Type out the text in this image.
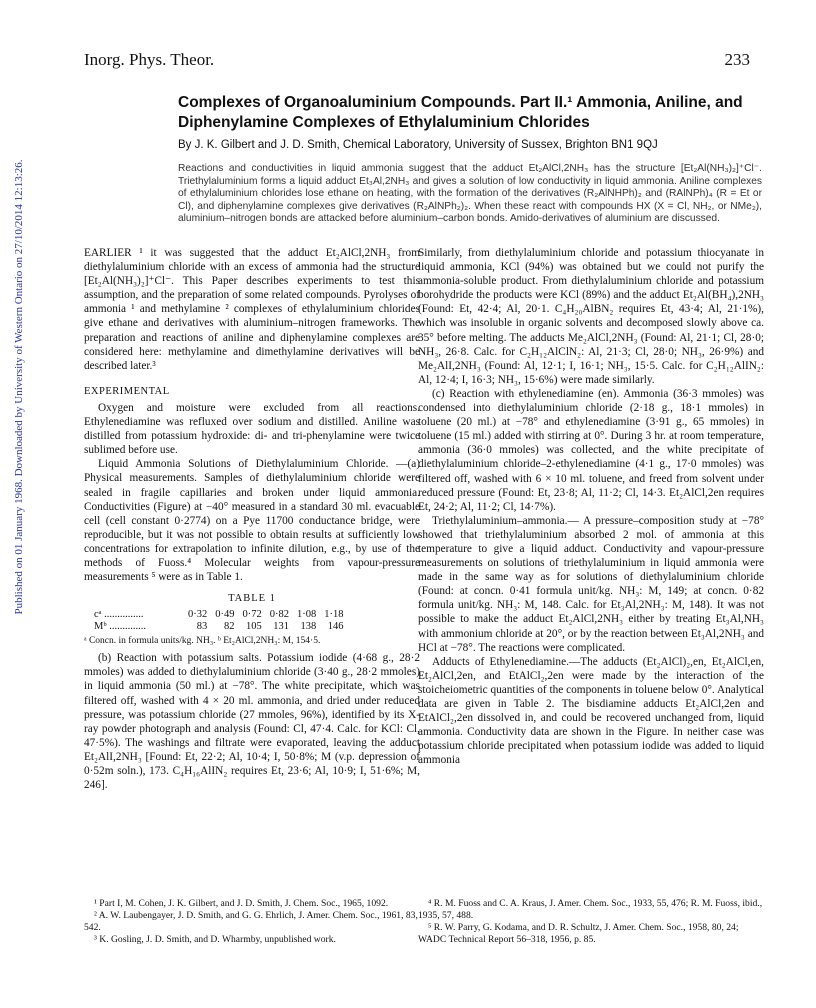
Published on 01 January 1968. Downloaded by University of Western Ontario on 27/10/2014 12:13:26.
Inorg. Phys. Theor.	233
Complexes of Organoaluminium Compounds. Part II.¹ Ammonia, Aniline, and Diphenylamine Complexes of Ethylaluminium Chlorides
By J. K. Gilbert and J. D. Smith, Chemical Laboratory, University of Sussex, Brighton BN1 9QJ
Reactions and conductivities in liquid ammonia suggest that the adduct Et₂AlCl,2NH₃ has the structure [Et₂Al(NH₃)₂]⁺Cl⁻. Triethylaluminium forms a liquid adduct Et₃Al,2NH₃ and gives a solution of low conductivity in liquid ammonia. Aniline complexes of ethylaluminium chlorides lose ethane on heating, with the formation of the derivatives (R₂AlNHPh)₂ and (RAlNPh)₄ (R = Et or Cl), and diphenylamine complexes give derivatives (R₂AlNPh₂)₂. When these react with compounds HX (X = Cl, NH₂, or NMe₂), aluminium–nitrogen bonds are attacked before aluminium–carbon bonds. Amido-derivatives of aluminium are discussed.

EARLIER ¹ it was suggested that the adduct Et₂AlCl,2NH₃ from diethylaluminium chloride with an excess of ammonia had the structure [Et₂Al(NH₃)₂]⁺Cl⁻. This Paper describes experiments to test this assumption, and the preparation of some related compounds. Pyrolyses of ammonia ¹ and methylamine ² complexes of ethylaluminium chlorides give ethane and derivatives with aluminium–nitrogen frameworks. The preparation and reactions of aniline and diphenylamine complexes are considered here: methylamine and dimethylamine derivatives will be described later.³

EXPERIMENTAL

Oxygen and moisture were excluded from all reactions. Ethylenediamine was refluxed over sodium and distilled. Aniline was distilled from potassium hydroxide: di- and tri-phenylamine were twice sublimed before use.

Liquid Ammonia Solutions of Diethylaluminium Chloride. —(a) Physical measurements. Samples of diethylaluminium chloride were sealed in fragile capillaries and broken under liquid ammonia. Conductivities (Figure) at −40° measured in a standard 30 ml. evacuable cell (cell constant 0·2774) on a Pye 11700 conductance bridge, were reproducible, but it was not possible to obtain results at sufficiently low concentrations for extrapolation to infinite dilution, e.g., by use of the methods of Fuoss.⁴ Molecular weights from vapour-pressure measurements ⁵ were as in Table 1.

TABLE 1
cᵃ ...............	0·32	0·49	0·72	0·82	1·08	1·18
Mᵇ ..............	83	82	105	131	138	146
ᵃ Concn. in formula units/kg. NH₃. ᵇ Et₂AlCl,2NH₃: M, 154·5.

(b) Reaction with potassium salts. Potassium iodide (4·68 g., 28·2 mmoles) was added to diethylaluminium chloride (3·40 g., 28·2 mmoles) in liquid ammonia (50 ml.) at −78°. The white precipitate, which was filtered off, washed with 4 × 20 ml. ammonia, and dried under reduced pressure, was potassium chloride (27 mmoles, 96%), identified by its X-ray powder photograph and analysis (Found: Cl, 47·4. Calc. for KCl: Cl, 47·5%). The washings and filtrate were evaporated, leaving the adduct Et₂AlI,2NH₃ [Found: Et, 22·2; Al, 10·4; I, 50·8%; M (v.p. depression of 0·52m soln.), 173. C₄H₁₆AlIN₂ requires Et, 23·6; Al, 10·9; I, 51·6%; M, 246].

Similarly, from diethylaluminium chloride and potassium thiocyanate in liquid ammonia, KCl (94%) was obtained but we could not purify the ammonia-soluble product. From diethylaluminium chloride and potassium borohydride the products were KCl (89%) and the adduct Et₂Al(BH₄),2NH₃ (Found: Et, 42·4; Al, 20·1. C₄H₂₀AlBN₂ requires Et, 43·4; Al, 21·1%), which was insoluble in organic solvents and decomposed slowly above ca. 35° before melting. The adducts Me₂AlCl,2NH₃ (Found: Al, 21·1; Cl, 28·0; NH₃, 26·8. Calc. for C₂H₁₂AlClN₂: Al, 21·3; Cl, 28·0; NH₃, 26·9%) and Me₂AlI,2NH₃ (Found: Al, 12·1; I, 16·1; NH₃, 15·5. Calc. for C₂H₁₂AlIN₂: Al, 12·4; I, 16·3; NH₃, 15·6%) were made similarly.

(c) Reaction with ethylenediamine (en). Ammonia (36·3 mmoles) was condensed into diethylaluminium chloride (2·18 g., 18·1 mmoles) in toluene (20 ml.) at −78° and ethylenediamine (3·91 g., 65 mmoles) in toluene (15 ml.) added with stirring at 0°. During 3 hr. at room temperature, ammonia (36·0 mmoles) was collected, and the white precipitate of diethylaluminium chloride–2-ethylenediamine (4·1 g., 17·0 mmoles) was filtered off, washed with 6 × 10 ml. toluene, and freed from solvent under reduced pressure (Found: Et, 23·8; Al, 11·2; Cl, 14·3. Et₂AlCl,2en requires Et, 24·2; Al, 11·2; Cl, 14·7%).

Triethylaluminium–ammonia.— A pressure–composition study at −78° showed that triethylaluminium absorbed 2 mol. of ammonia at this temperature to give a liquid adduct. Conductivity and vapour-pressure measurements on solutions of triethylaluminium in liquid ammonia were made in the same way as for solutions of diethylaluminium chloride (Found: at concn. 0·41 formula unit/kg. NH₃: M, 149; at concn. 0·82 formula unit/kg. NH₃: M, 148. Calc. for Et₃Al,2NH₃: M, 148). It was not possible to make the adduct Et₂AlCl,2NH₃ either by treating Et₃Al,NH₃ with ammonium chloride at 20°, or by the reaction between Et₃Al,2NH₃ and HCl at −78°. The reactions were complicated.

Adducts of Ethylenediamine.—The adducts (Et₂AlCl)₂,en, Et₂AlCl,en, Et₂AlCl,2en, and EtAlCl₂,2en were made by the interaction of the stoicheiometric quantities of the components in toluene below 0°. Analytical data are given in Table 2. The bisdiamine adducts Et₂AlCl,2en and EtAlCl₂,2en dissolved in, and could be recovered unchanged from, liquid ammonia. Conductivity data are shown in the Figure. In neither case was potassium chloride precipitated when potassium iodide was added to liquid ammonia

¹ Part I, M. Cohen, J. K. Gilbert, and J. D. Smith, J. Chem. Soc., 1965, 1092.
² A. W. Laubengayer, J. D. Smith, and G. G. Ehrlich, J. Amer. Chem. Soc., 1961, 83, 542.
³ K. Gosling, J. D. Smith, and D. Wharmby, unpublished work.
⁴ R. M. Fuoss and C. A. Kraus, J. Amer. Chem. Soc., 1933, 55, 476; R. M. Fuoss, ibid., 1935, 57, 488.
⁵ R. W. Parry, G. Kodama, and D. R. Schultz, J. Amer. Chem. Soc., 1958, 80, 24; WADC Technical Report 56–318, 1956, p. 85.
